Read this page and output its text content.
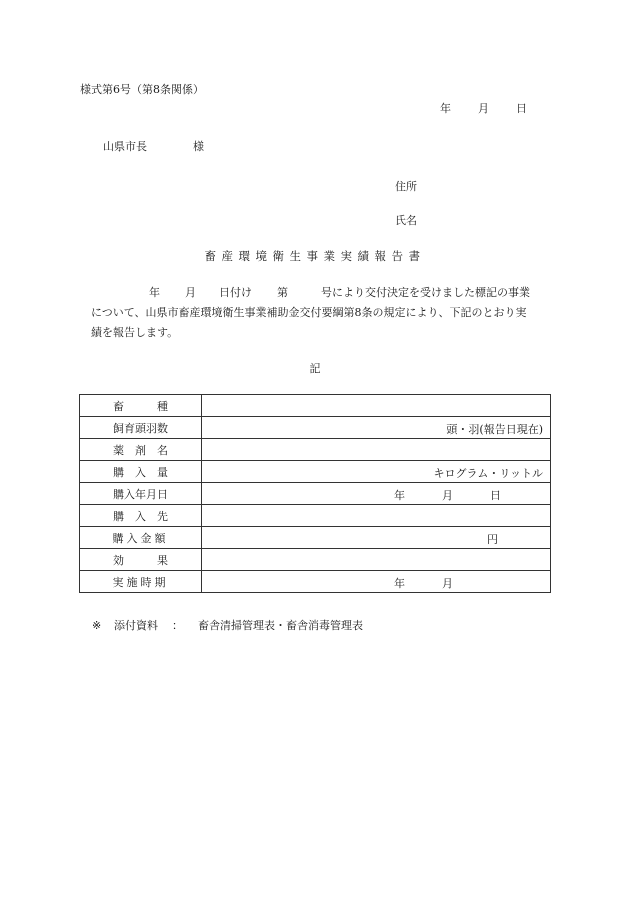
様式第6号（第8条関係）
年 月 日
山県市長	様
住所
氏名
畜産環境衛生事業実績報告書
年 月 日付け 第	号により交付決定を受けました標記の事業
について、山県市畜産環境衛生事業補助金交付要綱第8条の規定により、下記のとおり実
績を報告します。
記
畜　　　種	
飼育頭羽数	頭・羽(報告日現在)

薬　剤　名	
購　入　量	キログラム・リットル

購入年月日	年 月 日

購　入　先	
購入金額	円

効　　　果	
実施時期	年 月
※ 添付資料 ： 畜舎清掃管理表・畜舎消毒管理表
